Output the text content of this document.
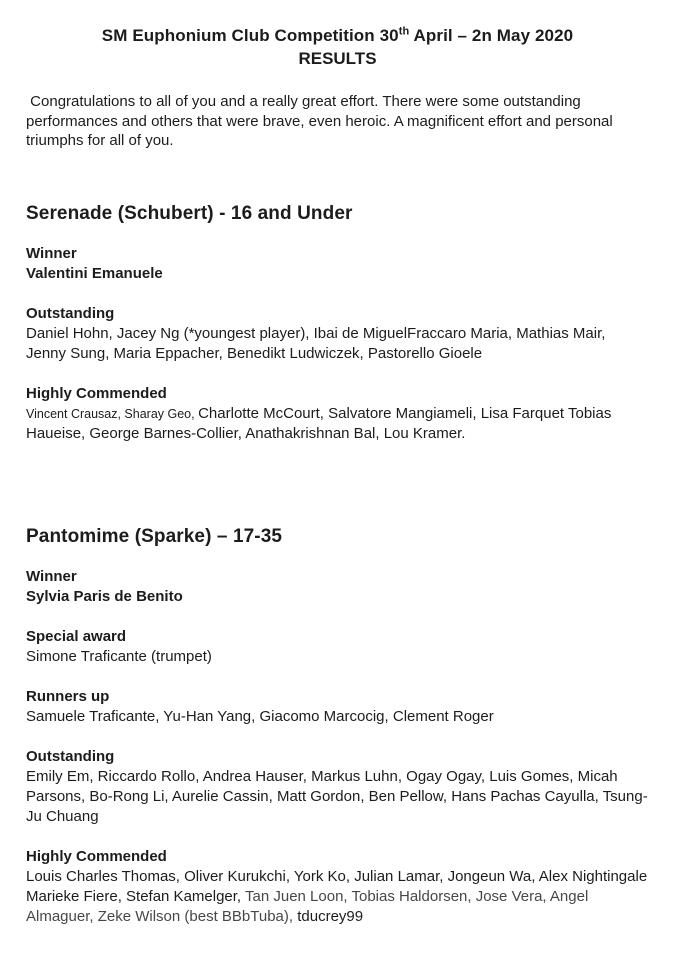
SM Euphonium Club Competition 30th April – 2n May 2020
RESULTS

Congratulations to all of you and a really great effort. There were some outstanding performances and others that were brave, even heroic. A magnificent effort and personal triumphs for all of you.

Serenade (Schubert) - 16 and Under
Winner

Valentini Emanuele

Outstanding

Daniel Hohn, Jacey Ng (*youngest player), Ibai de MiguelFraccaro Maria, Mathias Mair, Jenny Sung, Maria Eppacher, Benedikt Ludwiczek, Pastorello Gioele

Highly Commended

Vincent Crausaz, Sharay Geo, Charlotte McCourt, Salvatore Mangiameli, Lisa Farquet Tobias Haueise, George Barnes-Collier, Anathakrishnan Bal, Lou Kramer.

Pantomime (Sparke) – 17-35
Winner

Sylvia Paris de Benito

Special award

Simone Traficante (trumpet)

Runners up

Samuele Traficante, Yu-Han Yang, Giacomo Marcocig, Clement Roger

Outstanding

Emily Em, Riccardo Rollo, Andrea Hauser, Markus Luhn, Ogay Ogay, Luis Gomes, Micah Parsons, Bo-Rong Li, Aurelie Cassin, Matt Gordon, Ben Pellow, Hans Pachas Cayulla, Tsung-Ju Chuang

Highly Commended

Louis Charles Thomas, Oliver Kurukchi, York Ko, Julian Lamar, Jongeun Wa, Alex Nightingale Marieke Fiere, Stefan Kamelger, Tan Juen Loon, Tobias Haldorsen, Jose Vera, Angel Almaguer, Zeke Wilson (best BBbTuba), tducrey99
